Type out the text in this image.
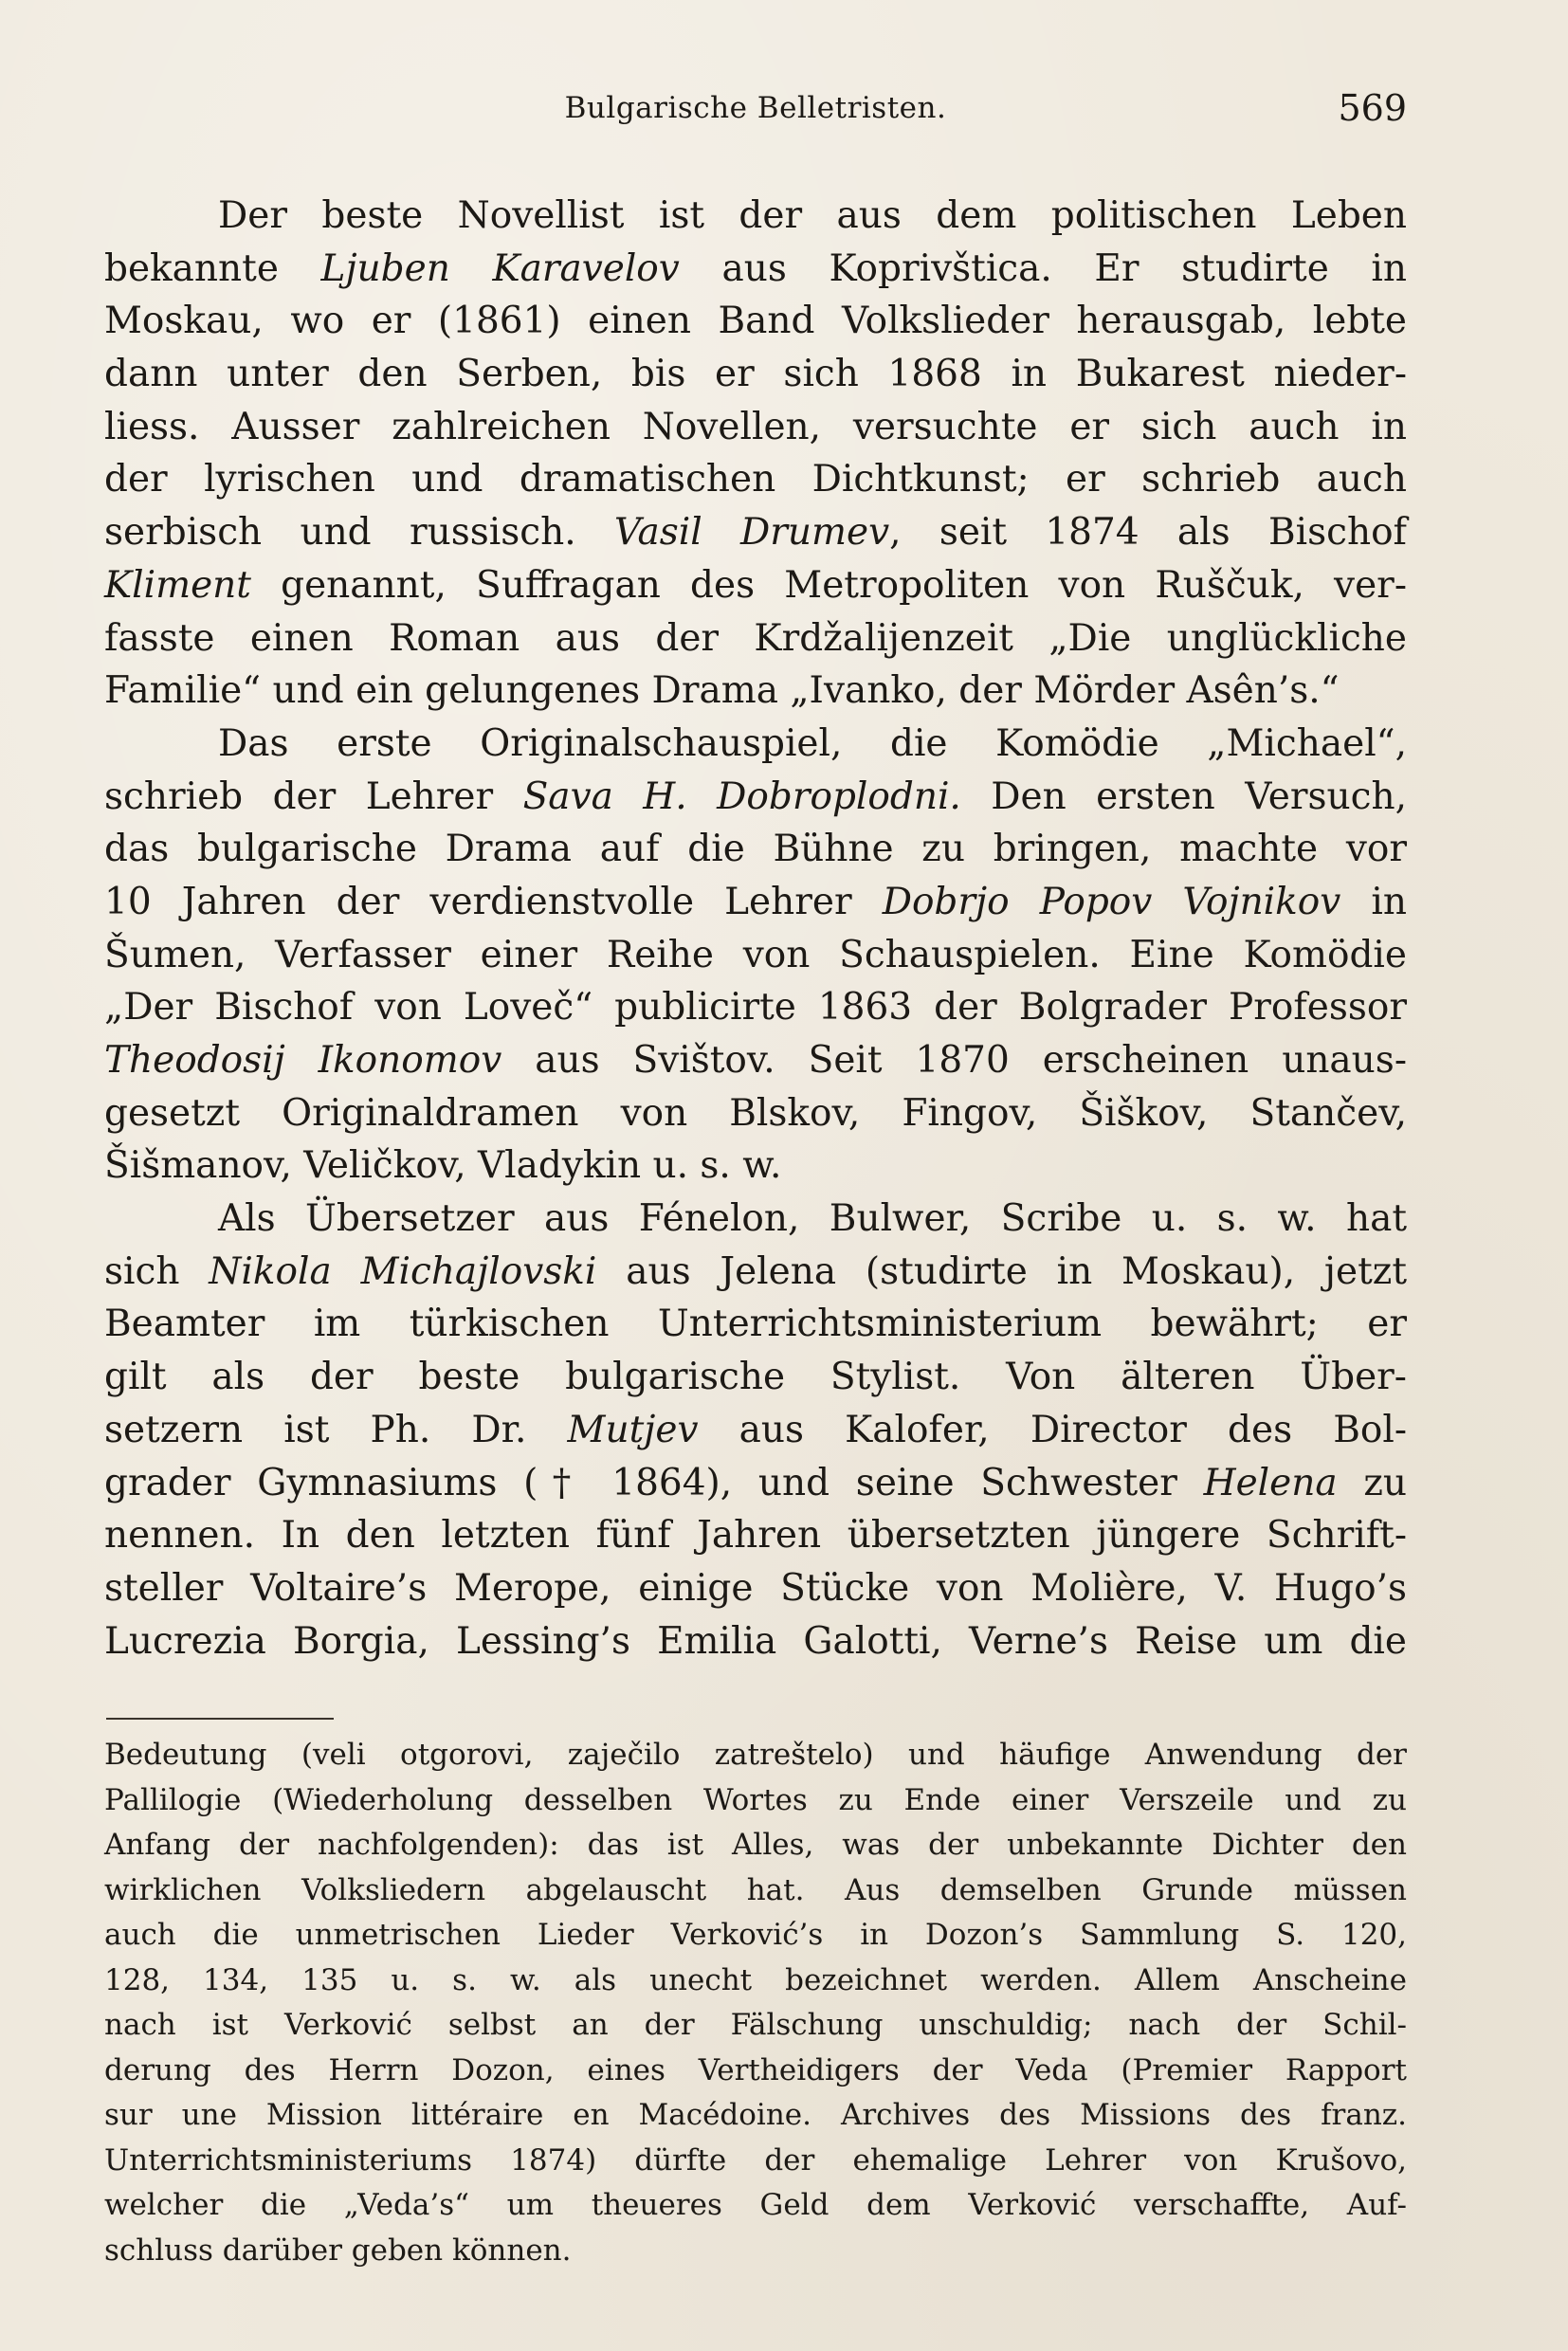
Bulgarische Belletristen.	569
Der beste Novellist ist der aus dem politischen Leben
bekannte Ljuben Karavelov aus Koprivštica. Er studirte in
Moskau, wo er (1861) einen Band Volkslieder herausgab, lebte
dann unter den Serben, bis er sich 1868 in Bukarest nieder-
liess. Ausser zahlreichen Novellen, versuchte er sich auch in
der lyrischen und dramatischen Dichtkunst; er schrieb auch
serbisch und russisch. Vasil Drumev, seit 1874 als Bischof
Kliment genannt, Suffragan des Metropoliten von Ruščuk, ver-
fasste einen Roman aus der Krdžalijenzeit „Die unglückliche
Familie“ und ein gelungenes Drama „Ivanko, der Mörder Asên’s.“
Das erste Originalschauspiel, die Komödie „Michael“,
schrieb der Lehrer Sava H. Dobroplodni. Den ersten Versuch,
das bulgarische Drama auf die Bühne zu bringen, machte vor
10 Jahren der verdienstvolle Lehrer Dobrjo Popov Vojnikov in
Šumen, Verfasser einer Reihe von Schauspielen. Eine Komödie
„Der Bischof von Loveč“ publicirte 1863 der Bolgrader Professor
Theodosij Ikonomov aus Svištov. Seit 1870 erscheinen unaus-
gesetzt Originaldramen von Blskov, Fingov, Šiškov, Stančev,
Šišmanov, Veličkov, Vladykin u. s. w.
Als Übersetzer aus Fénelon, Bulwer, Scribe u. s. w. hat
sich Nikola Michajlovski aus Jelena (studirte in Moskau), jetzt
Beamter im türkischen Unterrichtsministerium bewährt; er
gilt als der beste bulgarische Stylist. Von älteren Über-
setzern ist Ph. Dr. Mutjev aus Kalofer, Director des Bol-
grader Gymnasiums († 1864), und seine Schwester Helena zu
nennen. In den letzten fünf Jahren übersetzten jüngere Schrift-
steller Voltaire’s Merope, einige Stücke von Molière, V. Hugo’s
Lucrezia Borgia, Lessing’s Emilia Galotti, Verne’s Reise um die
Bedeutung (veli otgorovi, zaječilo zatreštelo) und häufige Anwendung der
Pallilogie (Wiederholung desselben Wortes zu Ende einer Verszeile und zu
Anfang der nachfolgenden): das ist Alles, was der unbekannte Dichter den
wirklichen Volksliedern abgelauscht hat. Aus demselben Grunde müssen
auch die unmetrischen Lieder Verković’s in Dozon’s Sammlung S. 120,
128, 134, 135 u. s. w. als unecht bezeichnet werden. Allem Anscheine
nach ist Verković selbst an der Fälschung unschuldig; nach der Schil-
derung des Herrn Dozon, eines Vertheidigers der Veda (Premier Rapport
sur une Mission littéraire en Macédoine. Archives des Missions des franz.
Unterrichtsministeriums 1874) dürfte der ehemalige Lehrer von Krušovo,
welcher die „Veda’s“ um theueres Geld dem Verković verschaffte, Auf-
schluss darüber geben können.
